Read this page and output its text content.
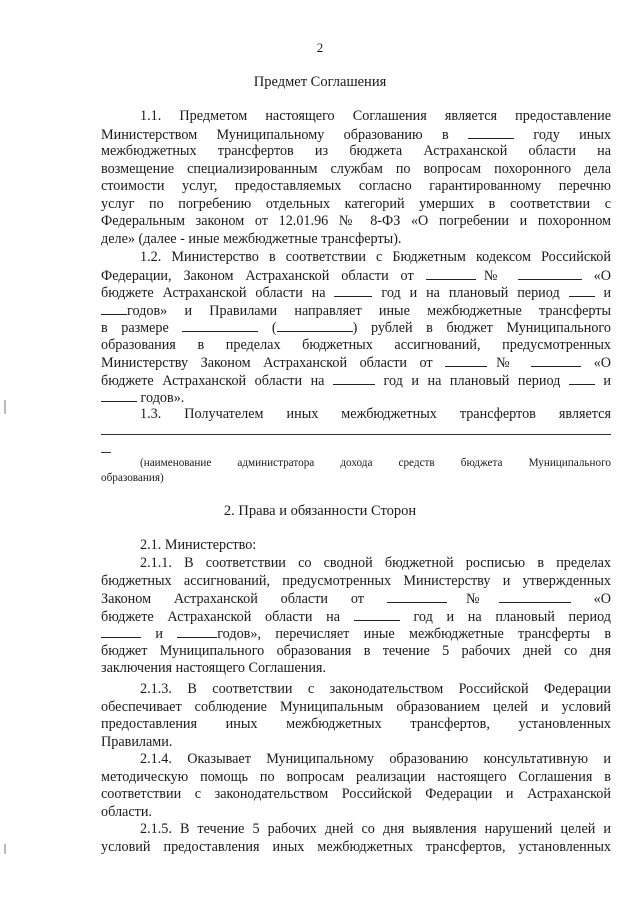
2
Предмет Соглашения
1.1. Предметом настоящего Соглашения является предоставление
Министерством Муниципальному образованию в	году иных
межбюджетных трансфертов из бюджета Астраханской области на
возмещение специализированным службам по вопросам похоронного дела
стоимости услуг, предоставляемых согласно гарантированному перечню
услуг по погребению отдельных категорий умерших в соответствии с
Федеральным законом от 12.01.96 № 8-ФЗ «О погребении и похоронном
деле» (далее - иные межбюджетные трансферты).
1.2. Министерство в соответствии с Бюджетным кодексом Российской
Федерации, Законом Астраханской области от	№	«О
бюджете Астраханской области на	год и на плановый период	и
годов» и Правилами направляет иные межбюджетные трансферты
в размере	(	) рублей в бюджет Муниципального
образования в пределах бюджетных ассигнований, предусмотренных
Министерству Законом Астраханской области от	№	«О
бюджете Астраханской области на	год и на плановый период	и
годов».
1.3. Получателем иных межбюджетных трансфертов является
(наименование администратора дохода средств бюджета Муниципального
образования)
2. Права и обязанности Сторон
2.1. Министерство:
2.1.1. В соответствии со сводной бюджетной росписью в пределах
бюджетных ассигнований, предусмотренных Министерству и утвержденных
Законом Астраханской области от	№	«О
бюджете Астраханской области на	год и на плановый период
и	годов», перечисляет иные межбюджетные трансферты в
бюджет Муниципального образования в течение 5 рабочих дней со дня
заключения настоящего Соглашения.
2.1.3. В соответствии с законодательством Российской Федерации
обеспечивает соблюдение Муниципальным образованием целей и условий
предоставления иных межбюджетных трансфертов, установленных
Правилами.
2.1.4. Оказывает Муниципальному образованию консультативную и
методическую помощь по вопросам реализации настоящего Соглашения в
соответствии с законодательством Российской Федерации и Астраханской
области.
2.1.5. В течение 5 рабочих дней со дня выявления нарушений целей и
условий предоставления иных межбюджетных трансфертов, установленных
